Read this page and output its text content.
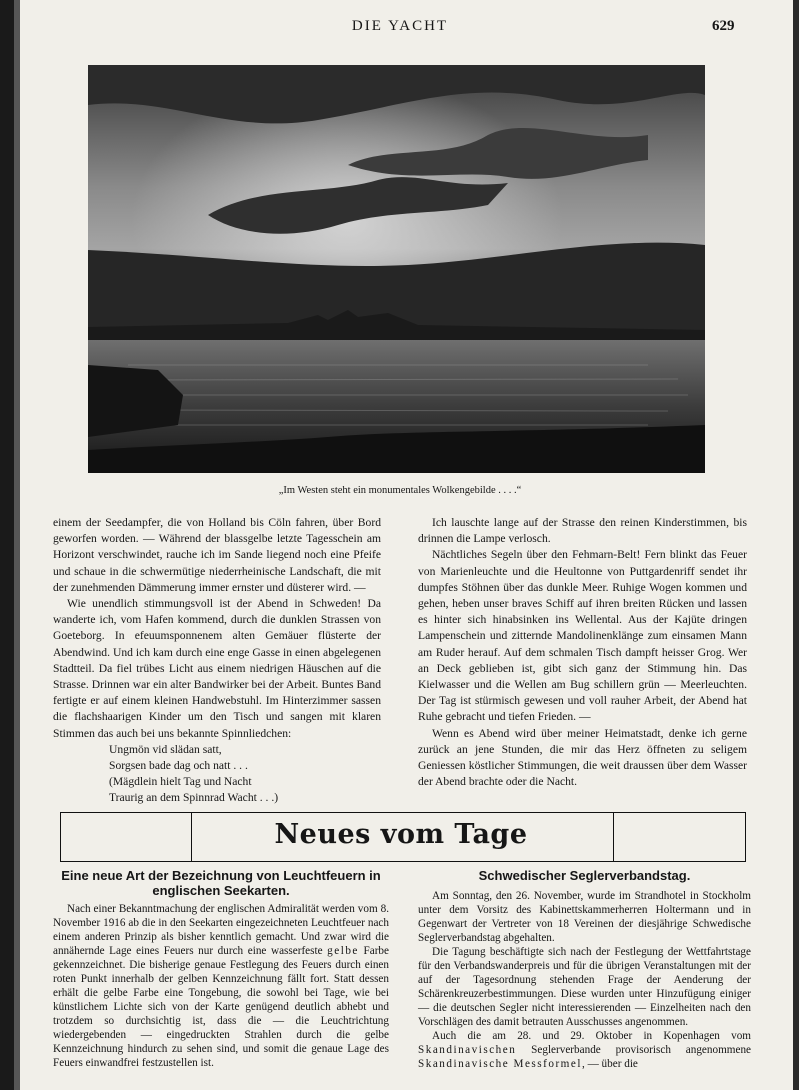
DIE YACHT	629
„Im Westen steht ein monumentales Wolkengebilde . . . .“

einem der Seedampfer, die von Holland bis Cöln fahren, über Bord geworfen worden. — Während der blassgelbe letzte Tagesschein am Horizont verschwindet, rauche ich im Sande liegend noch eine Pfeife und schaue in die schwermütige niederrheinische Landschaft, die mit der zunehmenden Dämmerung immer ernster und düsterer wird. —

Wie unendlich stimmungsvoll ist der Abend in Schweden! Da wanderte ich, vom Hafen kommend, durch die dunklen Strassen von Goeteborg. In efeuumsponnenem alten Gemäuer flüsterte der Abendwind. Und ich kam durch eine enge Gasse in einen abgelegenen Stadtteil. Da fiel trübes Licht aus einem niedrigen Häuschen auf die Strasse. Drinnen war ein alter Bandwirker bei der Arbeit. Buntes Band fertigte er auf einem kleinen Handwebstuhl. Im Hinterzimmer sassen die flachshaarigen Kinder um den Tisch und sangen mit klaren Stimmen das auch bei uns bekannte Spinnliedchen:

Ungmön vid slädan satt,
Sorgsen bade dag och natt . . .
(Mägdlein hielt Tag und Nacht
Traurig an dem Spinnrad Wacht . . .)

Ich lauschte lange auf der Strasse den reinen Kinderstimmen, bis drinnen die Lampe verlosch.

Nächtliches Segeln über den Fehmarn-Belt! Fern blinkt das Feuer von Marienleuchte und die Heultonne von Puttgardenriff sendet ihr dumpfes Stöhnen über das dunkle Meer. Ruhige Wogen kommen und gehen, heben unser braves Schiff auf ihren breiten Rücken und lassen es hinter sich hinabsinken ins Wellental. Aus der Kajüte dringen Lampenschein und zitternde Mandolinenklänge zum einsamen Mann am Ruder herauf. Auf dem schmalen Tisch dampft heisser Grog. Wer an Deck geblieben ist, gibt sich ganz der Stimmung hin. Das Kielwasser und die Wellen am Bug schillern grün — Meerleuchten. Der Tag ist stürmisch gewesen und voll rauher Arbeit, der Abend hat Ruhe gebracht und tiefen Frieden. —

Wenn es Abend wird über meiner Heimatstadt, denke ich gerne zurück an jene Stunden, die mir das Herz öffneten zu seligem Geniessen köstlicher Stimmungen, die weit draussen über dem Wasser der Abend brachte oder die Nacht.

Neues vom Tage
Eine neue Art der Bezeichnung von Leuchtfeuern in englischen Seekarten.

Nach einer Bekanntmachung der englischen Admiralität werden vom 8. November 1916 ab die in den Seekarten eingezeichneten Leuchtfeuer nach einem anderen Prinzip als bisher kenntlich gemacht. Und zwar wird die annähernde Lage eines Feuers nur durch eine wasserfeste gelbe Farbe gekennzeichnet. Die bisherige genaue Festlegung des Feuers durch einen roten Punkt innerhalb der gelben Kennzeichnung fällt fort. Statt dessen erhält die gelbe Farbe eine Tongebung, die sowohl bei Tage, wie bei künstlichem Lichte sich von der Karte genügend deutlich abhebt und trotzdem so durchsichtig ist, dass die — die Leuchtrichtung wiedergebenden — eingedruckten Strahlen durch die gelbe Kennzeichnung hindurch zu sehen sind, und somit die genaue Lage des Feuers einwandfrei festzustellen ist.

Schwedischer Seglerverbandstag.

Am Sonntag, den 26. November, wurde im Strandhotel in Stockholm unter dem Vorsitz des Kabinettskammerherren Holtermann und in Gegenwart der Vertreter von 18 Vereinen der diesjährige Schwedische Seglerverbandstag abgehalten.

Die Tagung beschäftigte sich nach der Festlegung der Wettfahrtstage für den Verbandswanderpreis und für die übrigen Veranstaltungen mit der auf der Tagesordnung stehenden Frage der Aenderung der Schärenkreuzerbestimmungen. Diese wurden unter Hinzufügung einiger — die deutschen Segler nicht interessierenden — Einzelheiten nach den Vorschlägen des damit betrauten Ausschusses angenommen.

Auch die am 28. und 29. Oktober in Kopenhagen vom Skandinavischen Seglerverbande provisorisch angenommene Skandinavische Messformel, — über die
